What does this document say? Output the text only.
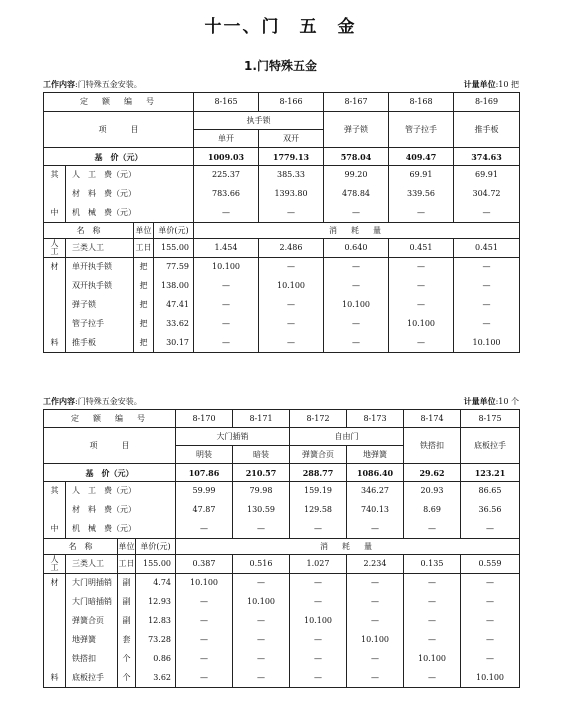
十一、门　五　金
1.门特殊五金
工作内容:门特殊五金安装。	计量单位:10 把
定　额　编　号				8-165	8-166	8-167	8-168	8-169
项　　　目				执手锁		弹子锁	管子拉手	推手板
				单开	双开			
基　价（元）				1009.03	1779.13	578.04	409.47	374.63
其	人　工　费（元）			225.37	385.33	99.20	69.91	69.91
	材　料　费（元）			783.66	1393.80	478.84	339.56	304.72
中	机　械　费（元）			—	—	—	—	—
名　称		单位	单价(元)	消　耗　量				
人
工	三类人工	工日	155.00	1.454	2.486	0.640	0.451	0.451
材	单开执手锁	把	77.59	10.100	—	—	—	—
	双开执手锁	把	138.00	—	10.100	—	—	—
	弹子锁	把	47.41	—	—	10.100	—	—
	管子拉手	把	33.62	—	—	—	10.100	—
料	推手板	把	30.17	—	—	—	—	10.100
工作内容:门特殊五金安装。	计量单位:10 个
定　额　编　号				8-170	8-171	8-172	8-173	8-174	8-175
项　　　目				大门插销		自由门		铁搭扣	底板拉手
				明装	暗装	弹簧合页	地弹簧		
基　价（元）				107.86	210.57	288.77	1086.40	29.62	123.21
其	人　工　费（元）			59.99	79.98	159.19	346.27	20.93	86.65
	材　料　费（元）			47.87	130.59	129.58	740.13	8.69	36.56
中	机　械　费（元）			—	—	—	—	—	—
名　称		单位	单价(元)	消　耗　量					
人
工	三类人工	工日	155.00	0.387	0.516	1.027	2.234	0.135	0.559
材	大门明插销	副	4.74	10.100	—	—	—	—	—
	大门暗插销	副	12.93	—	10.100	—	—	—	—
	弹簧合页	副	12.83	—	—	10.100	—	—	—
	地弹簧	套	73.28	—	—	—	10.100	—	—
	铁搭扣	个	0.86	—	—	—	—	10.100	—
料	底板拉手	个	3.62	—	—	—	—	—	10.100
